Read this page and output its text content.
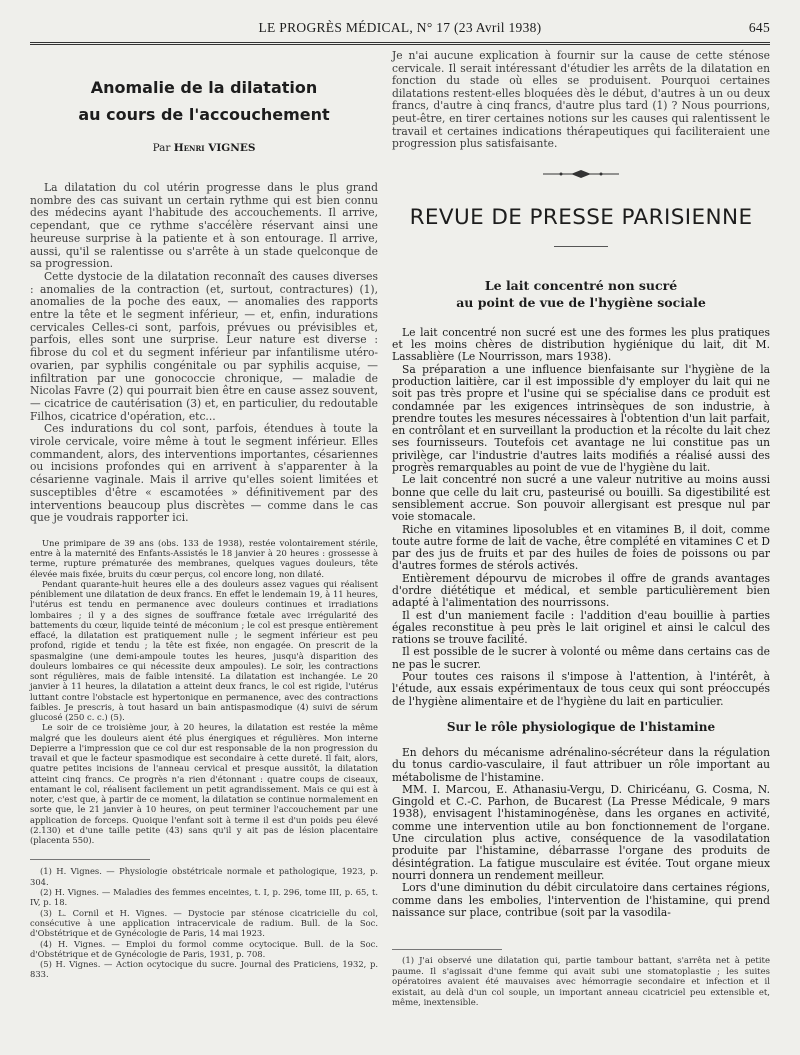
LE PROGRÈS MÉDICAL, N° 17 (23 Avril 1938)	645
Anomalie de la dilatation
au cours de l'accouchement
Par Henri VIGNES

La dilatation du col utérin progresse dans le plus grand nombre des cas suivant un certain rythme qui est bien connu des médecins ayant l'habitude des accouchements. Il arrive, cependant, que ce rythme s'accélère réservant ainsi une heureuse surprise à la patiente et à son entourage. Il arrive, aussi, qu'il se ralentisse ou s'arrête à un stade quelconque de sa progression.

Cette dystocie de la dilatation reconnaît des causes diverses : anomalies de la contraction (et, surtout, contractures) (1), anomalies de la poche des eaux, — anomalies des rapports entre la tête et le segment inférieur, — et, enfin, indurations cervicales Celles-ci sont, parfois, prévues ou prévisibles et, parfois, elles sont une surprise. Leur nature est diverse : fibrose du col et du segment inférieur par infantilisme utéro-ovarien, par syphilis congénitale ou par syphilis acquise, — infiltration par une gonococcie chronique, — maladie de Nicolas Favre (2) qui pourrait bien être en cause assez souvent, — cicatrice de cautérisation (3) et, en particulier, du redoutable Filhos, cicatrice d'opération, etc...

Ces indurations du col sont, parfois, étendues à toute la virole cervicale, voire même à tout le segment inférieur. Elles commandent, alors, des interventions importantes, césariennes ou incisions profondes qui en arrivent à s'apparenter à la césarienne vaginale. Mais il arrive qu'elles soient limitées et susceptibles d'être « escamotées » définitivement par des interventions beaucoup plus discrètes — comme dans le cas que je voudrais rapporter ici.

Une primipare de 39 ans (obs. 133 de 1938), restée volontairement stérile, entre à la maternité des Enfants-Assistés le 18 janvier à 20 heures : grossesse à terme, rupture prématurée des membranes, quelques vagues douleurs, tête élevée mais fixée, bruits du cœur perçus, col encore long, non dilaté.

Pendant quarante-huit heures elle a des douleurs assez vagues qui réalisent péniblement une dilatation de deux francs. En effet le lendemain 19, à 11 heures, l'utérus est tendu en permanence avec douleurs continues et irradiations lombaires ; il y a des signes de souffrance fœtale avec irrégularité des battements du cœur, liquide teinté de méconium ; le col est presque entièrement effacé, la dilatation est pratiquement nulle ; le segment inférieur est peu profond, rigide et tendu ; la tête est fixée, non engagée. On prescrit de la spasmalgine (une demi-ampoule toutes les heures, jusqu'à disparition des douleurs lombaires ce qui nécessite deux ampoules). Le soir, les contractions sont régulières, mais de faible intensité. La dilatation est inchangée. Le 20 janvier à 11 heures, la dilatation a atteint deux francs, le col est rigide, l'utérus luttant contre l'obstacle est hypertonique en permanence, avec des contractions faibles. Je prescris, à tout hasard un bain antispasmodique (4) suivi de sérum glucosé (250 c. c.) (5).

Le soir de ce troisième jour, à 20 heures, la dilatation est restée la même malgré que les douleurs aient été plus énergiques et régulières. Mon interne Depierre a l'impression que ce col dur est responsable de la non progression du travail et que le facteur spasmodique est secondaire à cette dureté. Il fait, alors, quatre petites incisions de l'anneau cervical et presque aussitôt, la dilatation atteint cinq francs. Ce progrès n'a rien d'étonnant : quatre coups de ciseaux, entamant le col, réalisent facilement un petit agrandissement. Mais ce qui est à noter, c'est que, à partir de ce moment, la dilatation se continue normalement en sorte que, le 21 janvier à 10 heures, on peut terminer l'accouchement par une application de forceps. Quoique l'enfant soit à terme il est d'un poids peu élevé (2.130) et d'une taille petite (43) sans qu'il y ait pas de lésion placentaire (placenta 550).

(1) H. Vignes. — Physiologie obstétricale normale et pathologique, 1923, p. 304.
(2) H. Vignes. — Maladies des femmes enceintes, t. I, p. 296, tome III, p. 65, t. IV, p. 18.
(3) L. Cornil et H. Vignes. — Dystocie par sténose cicatricielle du col, consécutive à une application intracervicale de radium. Bull. de la Soc. d'Obstétrique et de Gynécologie de Paris, 14 mai 1923.
(4) H. Vignes. — Emploi du formol comme ocytocique. Bull. de la Soc. d'Obstétrique et de Gynécologie de Paris, 1931, p. 708.
(5) H. Vignes. — Action ocytocique du sucre. Journal des Praticiens, 1932, p. 833.

Je n'ai aucune explication à fournir sur la cause de cette sténose cervicale. Il serait intéressant d'étudier les arrêts de la dilatation en fonction du stade où elles se produisent. Pourquoi certaines dilatations restent-elles bloquées dès le début, d'autres à un ou deux francs, d'autre à cinq francs, d'autre plus tard (1) ? Nous pourrions, peut-être, en tirer certaines notions sur les causes qui ralentissent le travail et certaines indications thérapeutiques qui faciliteraient une progression plus satisfaisante.

REVUE DE PRESSE PARISIENNE
Le lait concentré non sucré
au point de vue de l'hygiène sociale

Le lait concentré non sucré est une des formes les plus pratiques et les moins chères de distribution hygiénique du lait, dit M. Lassablière (Le Nourrisson, mars 1938).

Sa préparation a une influence bienfaisante sur l'hygiène de la production laitière, car il est impossible d'y employer du lait qui ne soit pas très propre et l'usine qui se spécialise dans ce produit est condamnée par les exigences intrinsèques de son industrie, à prendre toutes les mesures nécessaires à l'obtention d'un lait parfait, en contrôlant et en surveillant la production et la récolte du lait chez ses fournisseurs. Toutefois cet avantage ne lui constitue pas un privilège, car l'industrie d'autres laits modifiés a réalisé aussi des progrès remarquables au point de vue de l'hygiène du lait.

Le lait concentré non sucré a une valeur nutritive au moins aussi bonne que celle du lait cru, pasteurisé ou bouilli. Sa digestibilité est sensiblement accrue. Son pouvoir allergisant est presque nul par voie stomacale.

Riche en vitamines liposolubles et en vitamines B, il doit, comme toute autre forme de lait de vache, être complété en vitamines C et D par des jus de fruits et par des huiles de foies de poissons ou par d'autres formes de stérols activés.

Entièrement dépourvu de microbes il offre de grands avantages d'ordre diététique et médical, et semble particulièrement bien adapté à l'alimentation des nourrissons.

Il est d'un maniement facile : l'addition d'eau bouillie à parties égales reconstitue à peu près le lait originel et ainsi le calcul des rations se trouve facilité.

Il est possible de le sucrer à volonté ou même dans certains cas de ne pas le sucrer.

Pour toutes ces raisons il s'impose à l'attention, à l'intérêt, à l'étude, aux essais expérimentaux de tous ceux qui sont préoccupés de l'hygiène alimentaire et de l'hygiène du lait en particulier.

Sur le rôle physiologique de l'histamine

En dehors du mécanisme adrénalino-sécréteur dans la régulation du tonus cardio-vasculaire, il faut attribuer un rôle important au métabolisme de l'histamine.

MM. I. Marcou, E. Athanasiu-Vergu, D. Chiricéanu, G. Cosma, N. Gingold et C.-C. Parhon, de Bucarest (La Presse Médicale, 9 mars 1938), envisagent l'histaminogénèse, dans les organes en activité, comme une intervention utile au bon fonctionnement de l'organe. Une circulation plus active, conséquence de la vasodilatation produite par l'histamine, débarrasse l'organe des produits de désintégration. La fatigue musculaire est évitée. Tout organe mieux nourri donnera un rendement meilleur.

Lors d'une diminution du débit circulatoire dans certaines régions, comme dans les embolies, l'intervention de l'histamine, qui prend naissance sur place, contribue (soit par la vasodila-

(1) J'ai observé une dilatation qui, partie tambour battant, s'arrêta net à petite paume. Il s'agissait d'une femme qui avait subi une stomatoplastie ; les suites opératoires avaient été mauvaises avec hémorragie secondaire et infection et il existait, au delà d'un col souple, un important anneau cicatriciel peu extensible et, même, inextensible.
